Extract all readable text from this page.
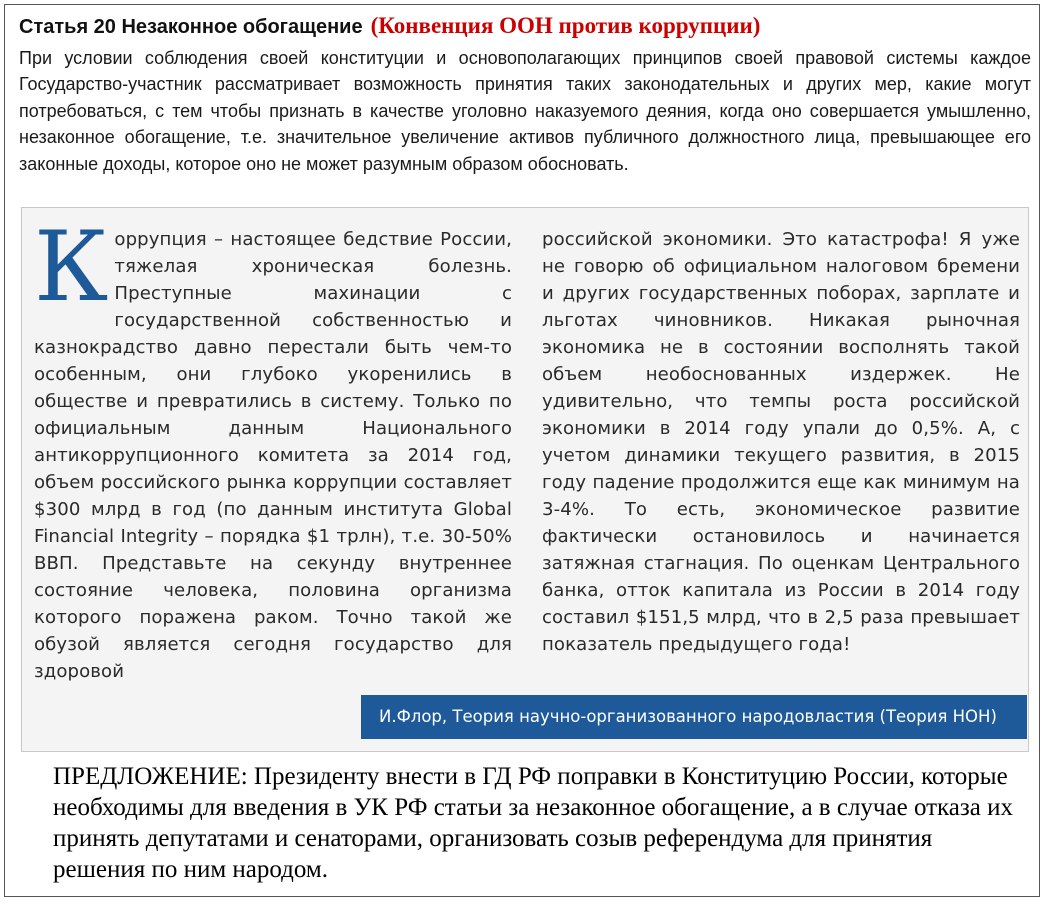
Статья 20 Незаконное обогащение (Конвенция ООН против коррупции)
При условии соблюдения своей конституции и основополагающих принципов своей правовой системы каждое Государство-участник рассматривает возможность принятия таких законодательных и других мер, какие могут потребоваться, с тем чтобы признать в качестве уголовно наказуемого деяния, когда оно совершается умышленно, незаконное обогащение, т.е. значительное увеличение активов публичного должностного лица, превышающее его законные доходы, которое оно не может разумным образом обосновать.
Коррупция – настоящее бедствие России, тяжелая хроническая болезнь. Преступные махинации с государственной собственностью и казнокрадство давно перестали быть чем-то особенным, они глубоко укоренились в обществе и превратились в систему. Только по официальным данным Национального антикоррупционного комитета за 2014 год, объем российского рынка коррупции составляет $300 млрд в год (по данным института Global Financial Integrity – порядка $1 трлн), т.е. 30-50% ВВП. Представьте на секунду внутреннее состояние человека, половина организма которого поражена раком. Точно такой же обузой является сегодня государство для здоровой
российской экономики. Это катастрофа! Я уже не говорю об официальном налоговом бремени и других государственных поборах, зарплате и льготах чиновников. Никакая рыночная экономика не в состоянии восполнять такой объем необоснованных издержек. Не удивительно, что темпы роста российской экономики в 2014 году упали до 0,5%. А, с учетом динамики текущего развития, в 2015 году падение продолжится еще как минимум на 3-4%. То есть, экономическое развитие фактически остановилось и начинается затяжная стагнация. По оценкам Центрального банка, отток капитала из России в 2014 году составил $151,5 млрд, что в 2,5 раза превышает показатель предыдущего года!
И.Флор, Теория научно-организованного народовластия (Теория НОН)
ПРЕДЛОЖЕНИЕ: Президенту внести в ГД РФ поправки в Конституцию России, которые необходимы для введения в УК РФ статьи за незаконное обогащение, а в случае отказа их принять депутатами и сенаторами, организовать созыв референдума для принятия решения по ним народом.
